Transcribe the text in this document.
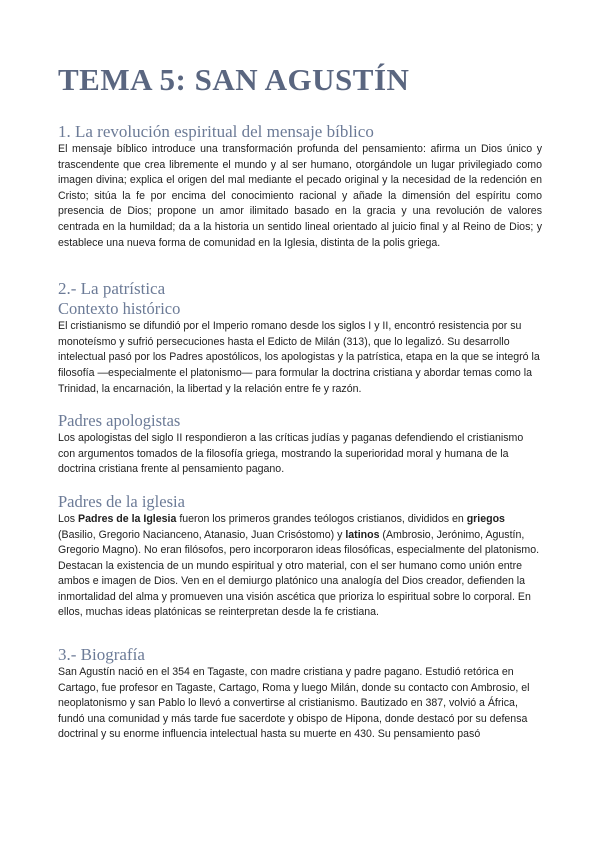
TEMA 5: SAN AGUSTÍN
1. La revolución espiritual del mensaje bíblico

El mensaje bíblico introduce una transformación profunda del pensamiento: afirma un Dios único y trascendente que crea libremente el mundo y al ser humano, otorgándole un lugar privilegiado como imagen divina; explica el origen del mal mediante el pecado original y la necesidad de la redención en Cristo; sitúa la fe por encima del conocimiento racional y añade la dimensión del espíritu como presencia de Dios; propone un amor ilimitado basado en la gracia y una revolución de valores centrada en la humildad; da a la historia un sentido lineal orientado al juicio final y al Reino de Dios; y establece una nueva forma de comunidad en la Iglesia, distinta de la polis griega.

2.- La patrística
Contexto histórico

El cristianismo se difundió por el Imperio romano desde los siglos I y II, encontró resistencia por su monoteísmo y sufrió persecuciones hasta el Edicto de Milán (313), que lo legalizó. Su desarrollo intelectual pasó por los Padres apostólicos, los apologistas y la patrística, etapa en la que se integró la filosofía —especialmente el platonismo— para formular la doctrina cristiana y abordar temas como la Trinidad, la encarnación, la libertad y la relación entre fe y razón.

Padres apologistas

Los apologistas del siglo II respondieron a las críticas judías y paganas defendiendo el cristianismo con argumentos tomados de la filosofía griega, mostrando la superioridad moral y humana de la doctrina cristiana frente al pensamiento pagano.

Padres de la iglesia

Los Padres de la Iglesia fueron los primeros grandes teólogos cristianos, divididos en griegos (Basilio, Gregorio Nacianceno, Atanasio, Juan Crisóstomo) y latinos (Ambrosio, Jerónimo, Agustín, Gregorio Magno). No eran filósofos, pero incorporaron ideas filosóficas, especialmente del platonismo. Destacan la existencia de un mundo espiritual y otro material, con el ser humano como unión entre ambos e imagen de Dios. Ven en el demiurgo platónico una analogía del Dios creador, defienden la inmortalidad del alma y promueven una visión ascética que prioriza lo espiritual sobre lo corporal. En ellos, muchas ideas platónicas se reinterpretan desde la fe cristiana.

3.- Biografía

San Agustín nació en el 354 en Tagaste, con madre cristiana y padre pagano. Estudió retórica en Cartago, fue profesor en Tagaste, Cartago, Roma y luego Milán, donde su contacto con Ambrosio, el neoplatonismo y san Pablo lo llevó a convertirse al cristianismo. Bautizado en 387, volvió a África, fundó una comunidad y más tarde fue sacerdote y obispo de Hipona, donde destacó por su defensa doctrinal y su enorme influencia intelectual hasta su muerte en 430. Su pensamiento pasó
